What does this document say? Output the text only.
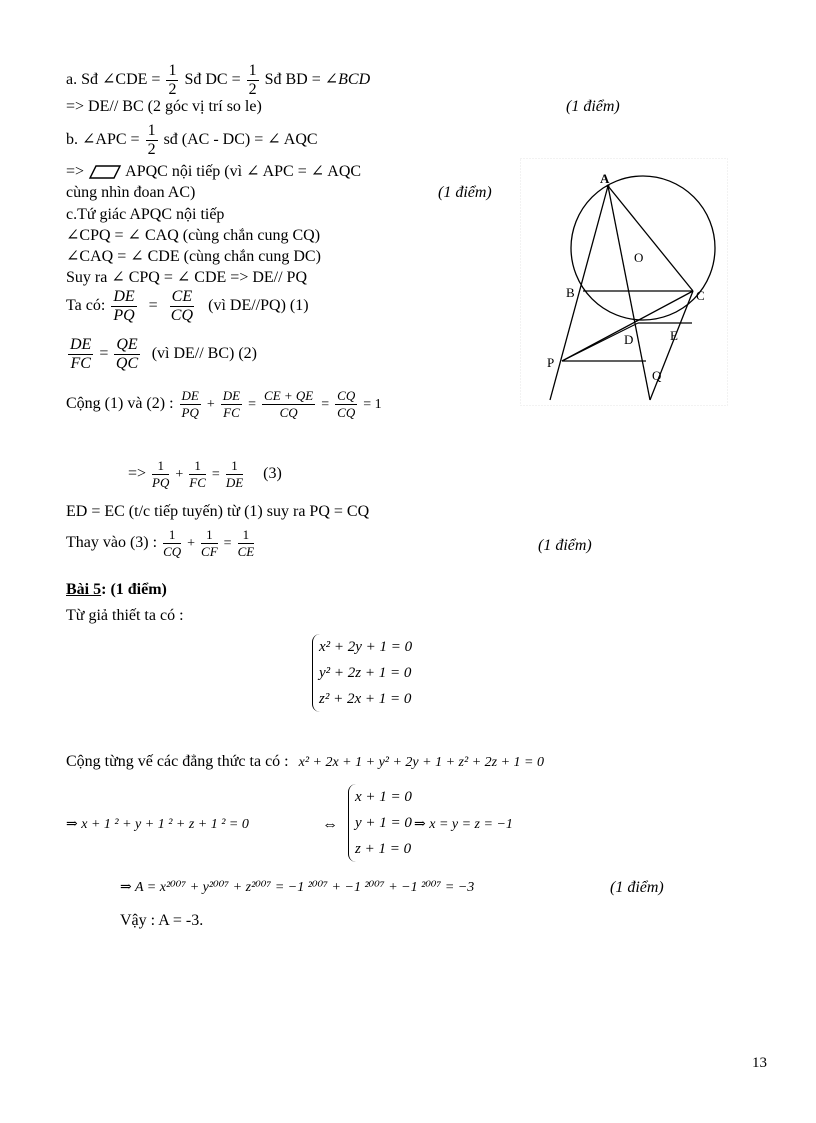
a. Sđ ∠CDE = $\frac{1}{2}$ Sđ DC = $\frac{1}{2}$ Sđ BD = ∠BCD
=> DE// BC (2 góc vị trí so le)	(1 điểm)
b. ∠APC = $\frac{1}{2}$ sđ (AC - DC) = ∠ AQC
=>	APQC nội tiếp (vì ∠ APC = ∠ AQC
cùng nhìn đoan AC)	(1 điểm)
c.Tứ giác APQC nội tiếp
∠CPQ = ∠ CAQ (cùng chắn cung CQ)
∠CAQ = ∠ CDE (cùng chắn cung DC)
Suy ra ∠ CPQ = ∠ CDE => DE// PQ
Ta có: $\frac{DE}{PQ} = \frac{CE}{CQ}$ (vì DE//PQ) (1)
$\frac{DE}{FC} = \frac{QE}{QC}$ (vì DE// BC) (2)
Cộng (1) và (2) : $\frac{DE}{PQ} + \frac{DE}{FC} = \frac{CE + QE}{CQ} = \frac{CQ}{CQ} = 1$
=> $\frac{1}{PQ} + \frac{1}{FC} = \frac{1}{DE} (3)$
ED = EC (t/c tiếp tuyến) từ (1) suy ra PQ = CQ
Thay vào (3) : $\frac{1}{CQ} + \frac{1}{CF} = \frac{1}{CE}$	(1 điểm)
A
O
B	C
D	E
P
Q
Bài 5: (1 điểm)
Từ giả thiết ta có :
x² + 2y + 1 = 0
y² + 2z + 1 = 0
z² + 2x + 1 = 0
Cộng từng vế các đẳng thức ta có : x² + 2x + 1 + y² + 2y + 1 + z² + 2z + 1 = 0
⇒ x + 1 ² + y + 1 ² + z + 1 ² = 0	⇔
x + 1 = 0
y + 1 = 0
z + 1 = 0
⇒ x = y = z = −1
⇒ A = x²⁰⁰⁷ + y²⁰⁰⁷ + z²⁰⁰⁷ = −1 ²⁰⁰⁷ + −1 ²⁰⁰⁷ + −1 ²⁰⁰⁷ = −3	(1 điểm)
Vậy : A = -3.
13
